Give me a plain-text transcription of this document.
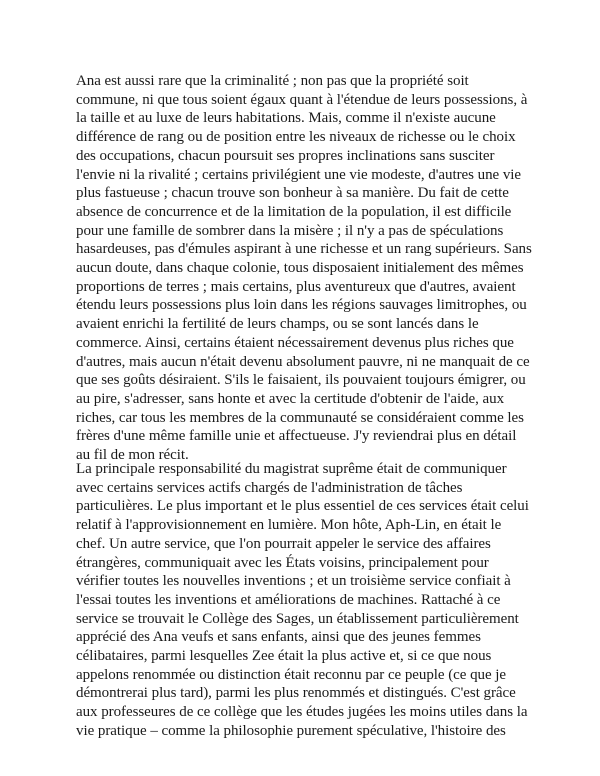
Ana est aussi rare que la criminalité ; non pas que la propriété soit commune, ni que tous soient égaux quant à l'étendue de leurs possessions, à la taille et au luxe de leurs habitations. Mais, comme il n'existe aucune différence de rang ou de position entre les niveaux de richesse ou le choix des occupations, chacun poursuit ses propres inclinations sans susciter l'envie ni la rivalité ; certains privilégient une vie modeste, d'autres une vie plus fastueuse ; chacun trouve son bonheur à sa manière. Du fait de cette absence de concurrence et de la limitation de la population, il est difficile pour une famille de sombrer dans la misère ; il n'y a pas de spéculations hasardeuses, pas d'émules aspirant à une richesse et un rang supérieurs. Sans aucun doute, dans chaque colonie, tous disposaient initialement des mêmes proportions de terres ; mais certains, plus aventureux que d'autres, avaient étendu leurs possessions plus loin dans les régions sauvages limitrophes, ou avaient enrichi la fertilité de leurs champs, ou se sont lancés dans le commerce. Ainsi, certains étaient nécessairement devenus plus riches que d'autres, mais aucun n'était devenu absolument pauvre, ni ne manquait de ce que ses goûts désiraient. S'ils le faisaient, ils pouvaient toujours émigrer, ou au pire, s'adresser, sans honte et avec la certitude d'obtenir de l'aide, aux riches, car tous les membres de la communauté se considéraient comme les frères d'une même famille unie et affectueuse. J'y reviendrai plus en détail au fil de mon récit.

La principale responsabilité du magistrat suprême était de communiquer avec certains services actifs chargés de l'administration de tâches particulières. Le plus important et le plus essentiel de ces services était celui relatif à l'approvisionnement en lumière. Mon hôte, Aph-Lin, en était le chef. Un autre service, que l'on pourrait appeler le service des affaires étrangères, communiquait avec les États voisins, principalement pour vérifier toutes les nouvelles inventions ; et un troisième service confiait à l'essai toutes les inventions et améliorations de machines. Rattaché à ce service se trouvait le Collège des Sages, un établissement particulièrement apprécié des Ana veufs et sans enfants, ainsi que des jeunes femmes célibataires, parmi lesquelles Zee était la plus active et, si ce que nous appelons renommée ou distinction était reconnu par ce peuple (ce que je démontrerai plus tard), parmi les plus renommés et distingués. C'est grâce aux professeures de ce collège que les études jugées les moins utiles dans la vie pratique – comme la philosophie purement spéculative, l'histoire des
